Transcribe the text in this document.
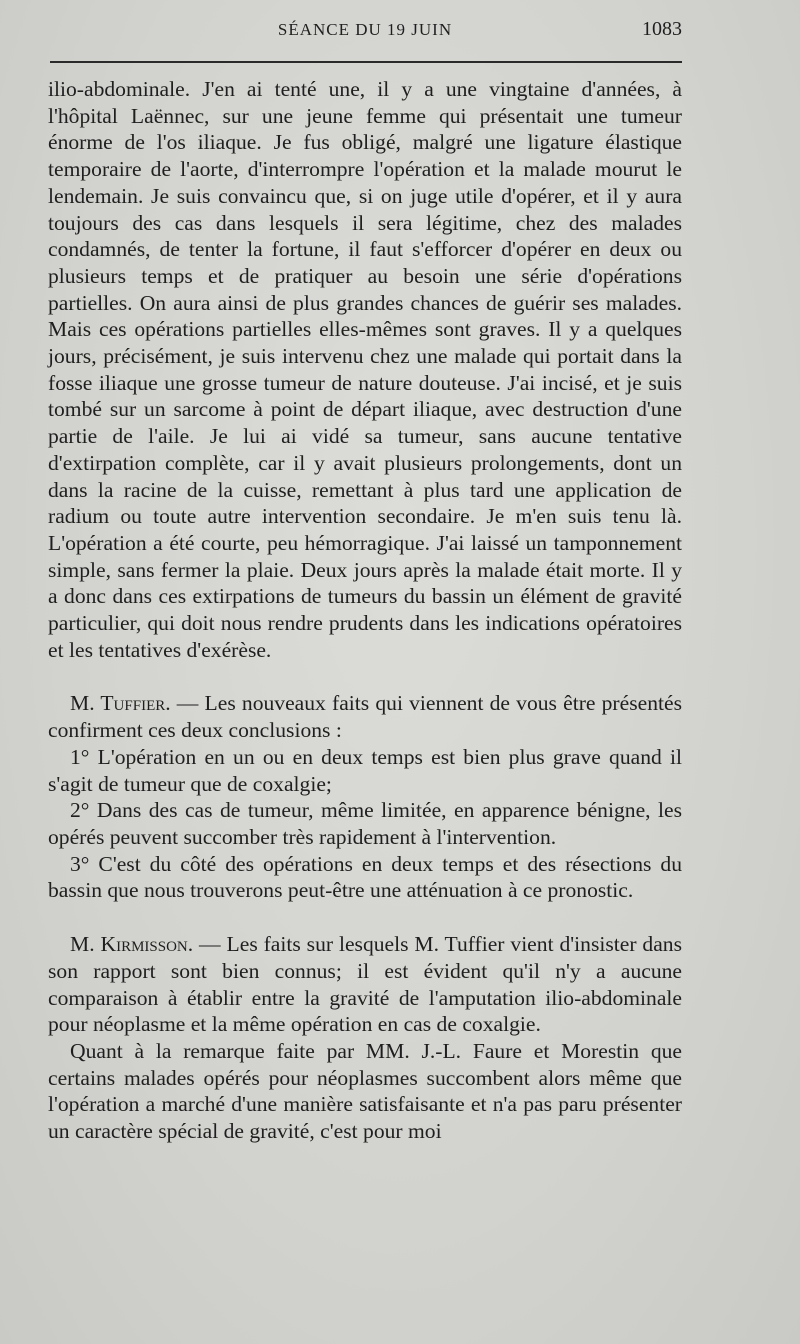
SÉANCE DU 19 JUIN	1083

ilio-abdominale. J'en ai tenté une, il y a une vingtaine d'années, à l'hôpital Laënnec, sur une jeune femme qui présentait une tumeur énorme de l'os iliaque. Je fus obligé, malgré une ligature élastique temporaire de l'aorte, d'interrompre l'opération et la malade mourut le lendemain. Je suis convaincu que, si on juge utile d'opérer, et il y aura toujours des cas dans lesquels il sera légitime, chez des malades condamnés, de tenter la fortune, il faut s'efforcer d'opérer en deux ou plusieurs temps et de pratiquer au besoin une série d'opérations partielles. On aura ainsi de plus grandes chances de guérir ses malades. Mais ces opérations partielles elles-mêmes sont graves. Il y a quelques jours, précisément, je suis intervenu chez une malade qui portait dans la fosse iliaque une grosse tumeur de nature douteuse. J'ai incisé, et je suis tombé sur un sarcome à point de départ iliaque, avec destruction d'une partie de l'aile. Je lui ai vidé sa tumeur, sans aucune tentative d'extirpation complète, car il y avait plusieurs prolongements, dont un dans la racine de la cuisse, remettant à plus tard une application de radium ou toute autre intervention secondaire. Je m'en suis tenu là. L'opération a été courte, peu hémorragique. J'ai laissé un tamponnement simple, sans fermer la plaie. Deux jours après la malade était morte. Il y a donc dans ces extirpations de tumeurs du bassin un élément de gravité particulier, qui doit nous rendre prudents dans les indications opératoires et les tentatives d'exérèse.

M. Tuffier. — Les nouveaux faits qui viennent de vous être présentés confirment ces deux conclusions :

1° L'opération en un ou en deux temps est bien plus grave quand il s'agit de tumeur que de coxalgie;

2° Dans des cas de tumeur, même limitée, en apparence bénigne, les opérés peuvent succomber très rapidement à l'intervention.

3° C'est du côté des opérations en deux temps et des résections du bassin que nous trouverons peut-être une atténuation à ce pronostic.

M. Kirmisson. — Les faits sur lesquels M. Tuffier vient d'insister dans son rapport sont bien connus; il est évident qu'il n'y a aucune comparaison à établir entre la gravité de l'amputation ilio-abdominale pour néoplasme et la même opération en cas de coxalgie.

Quant à la remarque faite par MM. J.-L. Faure et Morestin que certains malades opérés pour néoplasmes succombent alors même que l'opération a marché d'une manière satisfaisante et n'a pas paru présenter un caractère spécial de gravité, c'est pour moi
